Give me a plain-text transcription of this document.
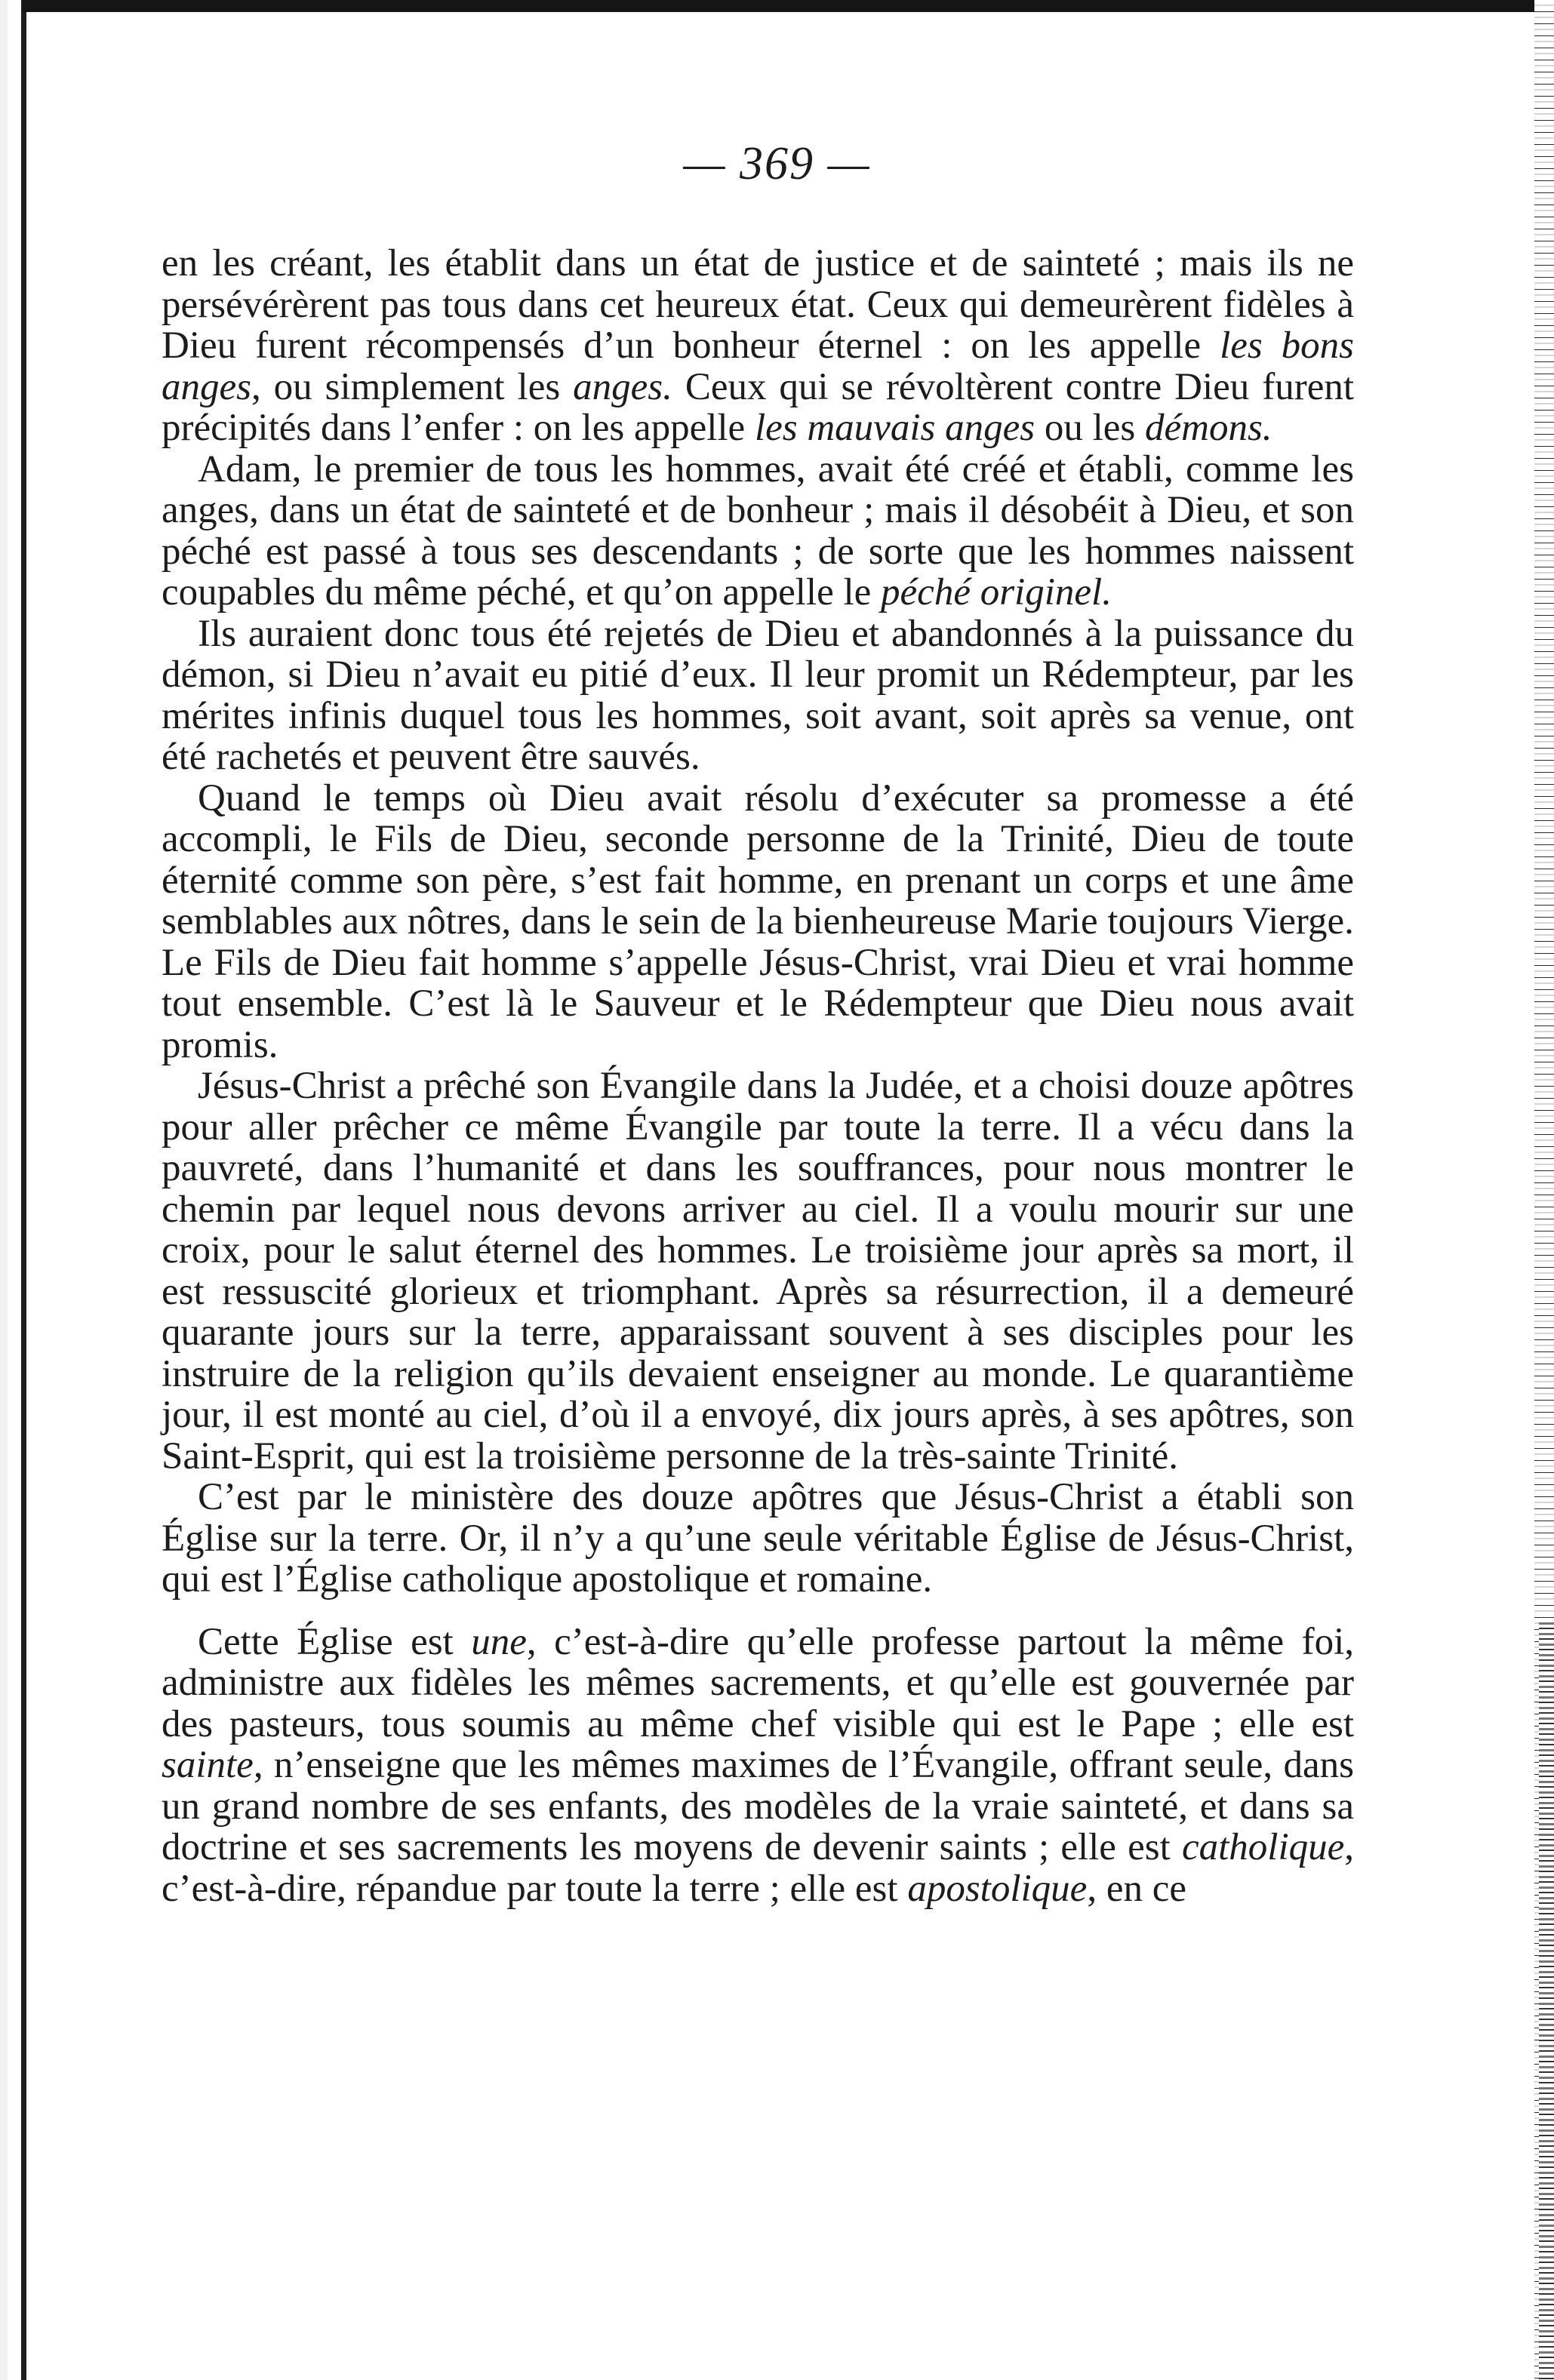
— 369 —

en les créant, les établit dans un état de justice et de sainteté ; mais ils ne persévérèrent pas tous dans cet heureux état. Ceux qui demeurèrent fidèles à Dieu furent récompensés d’un bonheur éternel : on les appelle les bons anges, ou simplement les anges. Ceux qui se révoltèrent contre Dieu furent précipités dans l’enfer : on les appelle les mauvais anges ou les démons.

Adam, le premier de tous les hommes, avait été créé et établi, comme les anges, dans un état de sainteté et de bonheur ; mais il désobéit à Dieu, et son péché est passé à tous ses descendants ; de sorte que les hommes naissent coupables du même péché, et qu’on appelle le péché originel.

Ils auraient donc tous été rejetés de Dieu et abandonnés à la puissance du démon, si Dieu n’avait eu pitié d’eux. Il leur promit un Rédempteur, par les mérites infinis duquel tous les hommes, soit avant, soit après sa venue, ont été rachetés et peuvent être sauvés.

Quand le temps où Dieu avait résolu d’exécuter sa promesse a été accompli, le Fils de Dieu, seconde personne de la Trinité, Dieu de toute éternité comme son père, s’est fait homme, en prenant un corps et une âme semblables aux nôtres, dans le sein de la bienheureuse Marie toujours Vierge.

Le Fils de Dieu fait homme s’appelle Jésus-Christ, vrai Dieu et vrai homme tout ensemble. C’est là le Sauveur et le Rédempteur que Dieu nous avait promis.

Jésus-Christ a prêché son Évangile dans la Judée, et a choisi douze apôtres pour aller prêcher ce même Évangile par toute la terre. Il a vécu dans la pauvreté, dans l’humanité et dans les souffrances, pour nous montrer le chemin par lequel nous devons arriver au ciel. Il a voulu mourir sur une croix, pour le salut éternel des hommes. Le troisième jour après sa mort, il est ressuscité glorieux et triomphant. Après sa résurrection, il a demeuré quarante jours sur la terre, apparaissant souvent à ses disciples pour les instruire de la religion qu’ils devaient enseigner au monde. Le quarantième jour, il est monté au ciel, d’où il a envoyé, dix jours après, à ses apôtres, son Saint-Esprit, qui est la troisième personne de la très-sainte Trinité.

C’est par le ministère des douze apôtres que Jésus-Christ a établi son Église sur la terre. Or, il n’y a qu’une seule véritable Église de Jésus-Christ, qui est l’Église catholique apostolique et romaine.

Cette Église est une, c’est-à-dire qu’elle professe partout la même foi, administre aux fidèles les mêmes sacrements, et qu’elle est gouvernée par des pasteurs, tous soumis au même chef visible qui est le Pape ; elle est sainte, n’enseigne que les mêmes maximes de l’Évangile, offrant seule, dans un grand nombre de ses enfants, des modèles de la vraie sainteté, et dans sa doctrine et ses sacrements les moyens de devenir saints ; elle est catholique, c’est-à-dire, répandue par toute la terre ; elle est apostolique, en ce
